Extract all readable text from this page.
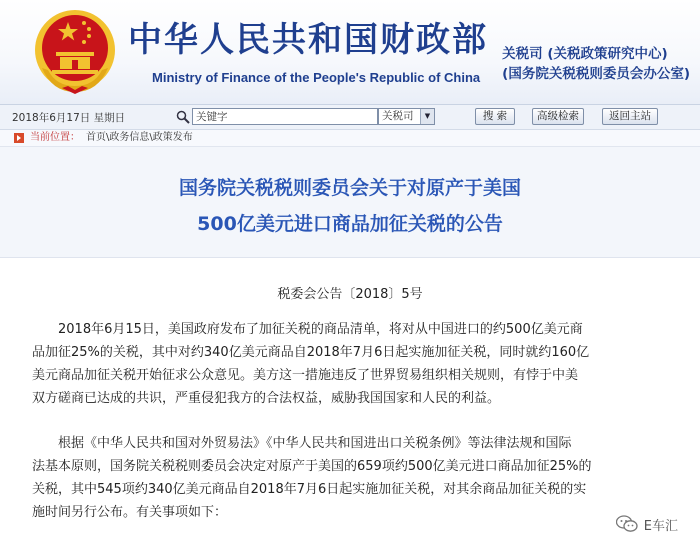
中华人民共和国财政部
Ministry of Finance of the People's Republic of China
关税司 (关税政策研究中心)
(国务院关税税则委员会办公室)
2018年6月17日 星期日
关键字	关税司	▼	搜 索	高级检索	返回主站
当前位置： 首页\政务信息\政策发布
国务院关税税则委员会关于对原产于美国
500亿美元进口商品加征关税的公告
税委会公告〔2018〕5号
2018年6月15日，美国政府发布了加征关税的商品清单，将对从中国进口的约500亿美元商
品加征25%的关税，其中对约340亿美元商品自2018年7月6日起实施加征关税，同时就约160亿
美元商品加征关税开始征求公众意见。美方这一措施违反了世界贸易组织相关规则，有悖于中美
双方磋商已达成的共识，严重侵犯我方的合法权益，威胁我国国家和人民的利益。
根据《中华人民共和国对外贸易法》《中华人民共和国进出口关税条例》等法律法规和国际
法基本原则，国务院关税税则委员会决定对原产于美国的659项约500亿美元进口商品加征25%的
关税，其中545项约340亿美元商品自2018年7月6日起实施加征关税，对其余商品加征关税的实
施时间另行公布。有关事项如下：
E车汇
